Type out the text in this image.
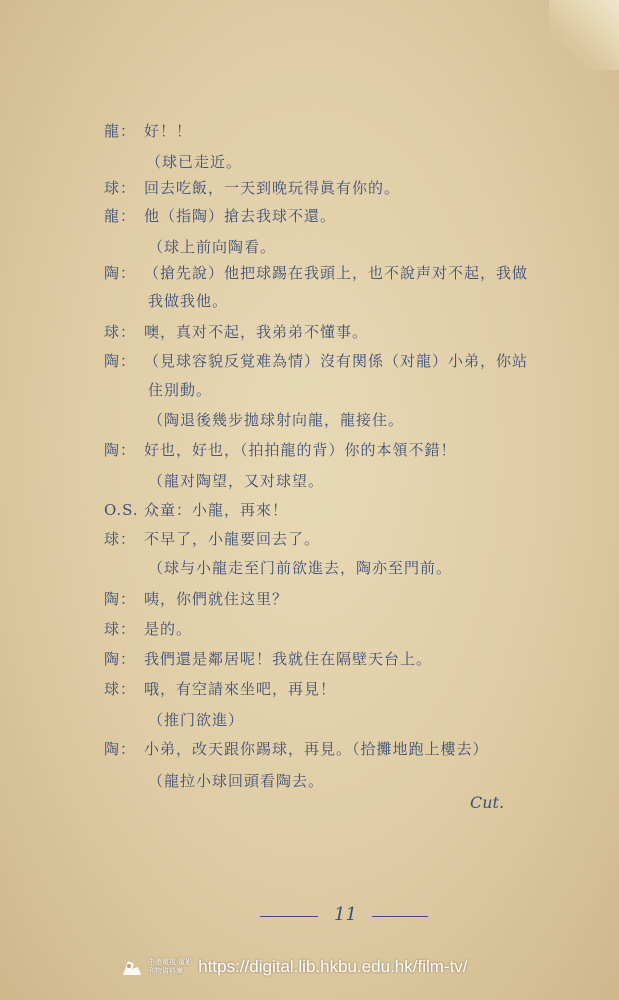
龍： 好！！
（球已走近。
球： 回去吃飯，一天到晚玩得眞有你的。
龍： 他（指陶）搶去我球不還。
（球上前向陶看。
陶： （搶先說）他把球踢在我頭上，也不說声对不起，我做
我做我他。
球： 噢，真对不起，我弟弟不懂事。
陶： （見球容貌反覚难為情）沒有関係（对龍）小弟，你站
住別動。
（陶退後幾步拋球射向龍，龍接住。
陶： 好也，好也，（拍拍龍的背）你的本領不錯！
（龍对陶望，又对球望。
O.S. 众童：小龍，再來！
球： 不早了，小龍要回去了。
（球与小龍走至门前欲進去，陶亦至門前。
陶： 咦，你們就住这里？
球： 是的。
陶： 我們還是鄰居呢！我就住在隔壁天台上。
球： 哦，有空請來坐吧，再見！
（推门欲進）
陶： 小弟，改天跟你踢球，再見。（拾攤地跑上樓去）
（龍拉小球回頭看陶去。
Cut.
11
中港電視·電影
刊物資料庫 https://digital.lib.hkbu.edu.hk/film-tv/
